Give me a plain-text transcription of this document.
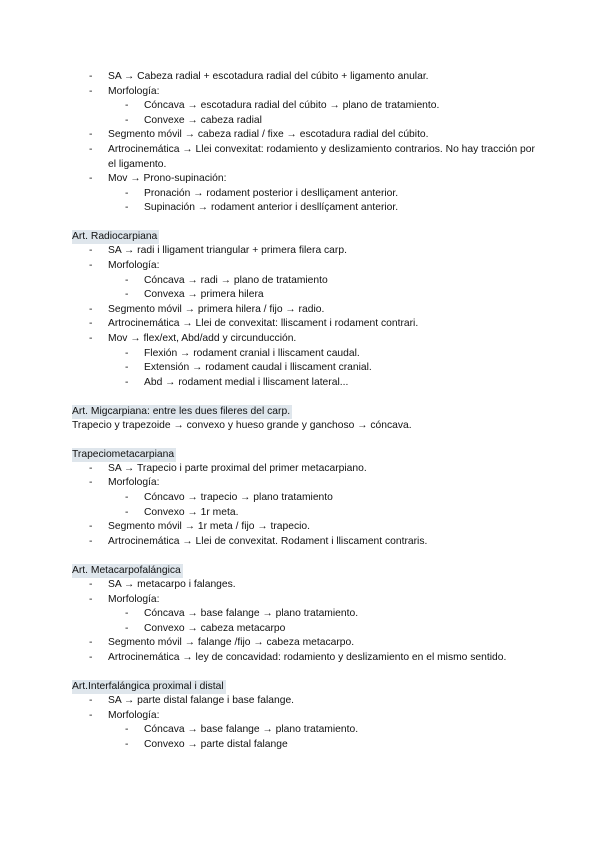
- SA → Cabeza radial + escotadura radial del cúbito + ligamento anular.
- Morfología:
- Cóncava → escotadura radial del cúbito → plano de tratamiento.
- Convexe → cabeza radial
- Segmento móvil → cabeza radial / fixe → escotadura radial del cúbito.
- Artrocinemática → Llei convexitat: rodamiento y deslizamiento contrarios. No hay tracción por el ligamento.
- Mov → Prono-supinación:
- Pronación → rodament posterior i deslliçament anterior.
- Supinación → rodament anterior i desllíçament anterior.
Art. Radiocarpiana
- SA → radi i lligament triangular + primera filera carp.
- Morfología:
- Cóncava → radi → plano de tratamiento
- Convexa → primera hilera
- Segmento móvil → primera hilera / fijo → radio.
- Artrocinemática → Llei de convexitat: lliscament i rodament contrari.
- Mov → flex/ext, Abd/add y circunducción.
- Flexión → rodament cranial i lliscament caudal.
- Extensión → rodament caudal i lliscament cranial.
- Abd → rodament medial i lliscament lateral...
Art. Migcarpiana: entre les dues fileres del carp.

Trapecio y trapezoide → convexo y hueso grande y ganchoso → cóncava.

Trapeciometacarpiana
- SA → Trapecio i parte proximal del primer metacarpiano.
- Morfología:
- Cóncavo → trapecio → plano tratamiento
- Convexo → 1r meta.
- Segmento móvil → 1r meta / fijo → trapecio.
- Artrocinemática → Llei de convexitat. Rodament i lliscament contraris.
Art. Metacarpofalángica
- SA → metacarpo i falanges.
- Morfología:
- Cóncava → base falange → plano tratamiento.
- Convexo → cabeza metacarpo
- Segmento móvil → falange /fijo → cabeza metacarpo.
- Artrocinemática → ley de concavidad: rodamiento y deslizamiento en el mismo sentido.
Art.Interfalángica proximal i distal
- SA → parte distal falange i base falange.
- Morfología:
- Cóncava → base falange → plano tratamiento.
- Convexo → parte distal falange
